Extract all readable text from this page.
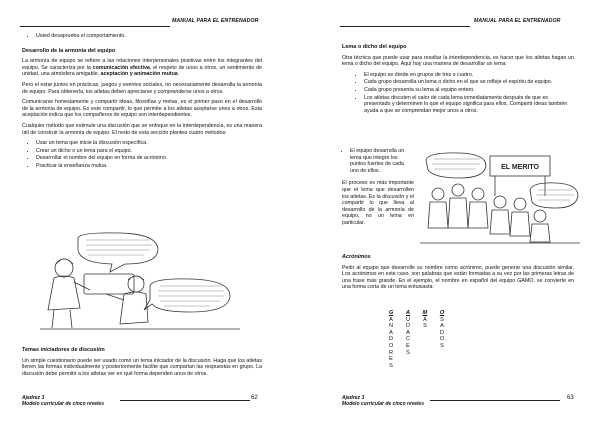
MANUAL PARA EL ENTRENADOR
• Usted desaprueba el comportamiento.
Desarrollo de la armonía del equipo

La armonía de equipo se refiere a las relaciones interpersonales positivas entre los integrantes del equipo. Se caracteriza por la comunicación efectiva, el respeto de unos a otros, un sentimiento de unidad, una atmósfera amigable, aceptación y animación mutua.

Pero el estar juntos en prácticas, juegos y eventos sociales, no necesariamente desarrolla la armonía de equipo. Para obtenerla, los atletas deben apreciarse y comprenderse unos a otros.

Comunicarse honestamente y compartir ideas, filosofías y metas, es el primer paso en el desarrollo de la armonía de equipo. Es este compartir, lo que permite a los atletas aceptarse unos a otros. Esta aceptación indica que los compañeros de equipo son interdependientes.

Cualquier método que estimule una discusión que se enfoque en la interdependencia, es una manera útil de construir la armonía de equipo. El resto de esta sección plantea cuatro métodos:

• Usar un tema que inicie la discusión específica.
• Crear un dicho o un lema para el equipo.
• Desarrollar el nombre del equipo en forma de acrónimo.
• Practicar la enseñanza mutua.
Temas iniciadores de discusión

Un simple cuestionario puede ser usado como un tema iniciador de la discusión. Haga que los atletas llenen las formas individualmente y posteriormente facilite que compartan las respuestas en grupo. La discusión debe permitir a los atletas ver en qué forma dependen unos de otros.

Ajedrez 3
Modelo curricular de cinco niveles
62
MANUAL PARA EL ENTRENADOR
Lema o dicho del equipo

Otra técnica que puede usar para resaltar la interdependencia, es hacer que los atletas hagan un lema o dicho del equipo. Aquí hay una manera de desarrollar un lema:

• El equipo se divide en grupos de tres o cuatro.
• Cada grupo desarrolla un lema o dicho en el que se refleje el espíritu de equipo.
• Cada grupo presenta su lema al equipo entero.
• Los atletas discuten el valor de cada lema inmediatamente después de que es presentado y determinen lo que el equipo significa para ellos. Compartir ideas también ayuda a que se comprendan mejor unos a otros.
• El equipo desarrolla un lema que integre los puntos fuertes de cada uno de ellos.

El proceso es más importante que el lema que desarrollen los atletas. Es la discusión y el compartir lo que lleva al desarrollo de la armonía de equipo, no un lema en particular.

EL MERITO
Acrónimos

Pedir al equipo que desarrolle su nombre como acrónimo, puede generar una discusión similar. Los acrónimos en este caso, son palabras que están formadas a su vez por las primeras letras de una frase más grande. En el ejemplo, el nombre en español del equipo GAMO, se convierte en una forma corta de un lema entusiasta:

G
A
N
A
D
O
R
E
S
A
U
D
A
C
E
S
M
A
S
O
S
A
D
O
S
Ajedrez 3
Modelo curricular de cinco niveles
63
